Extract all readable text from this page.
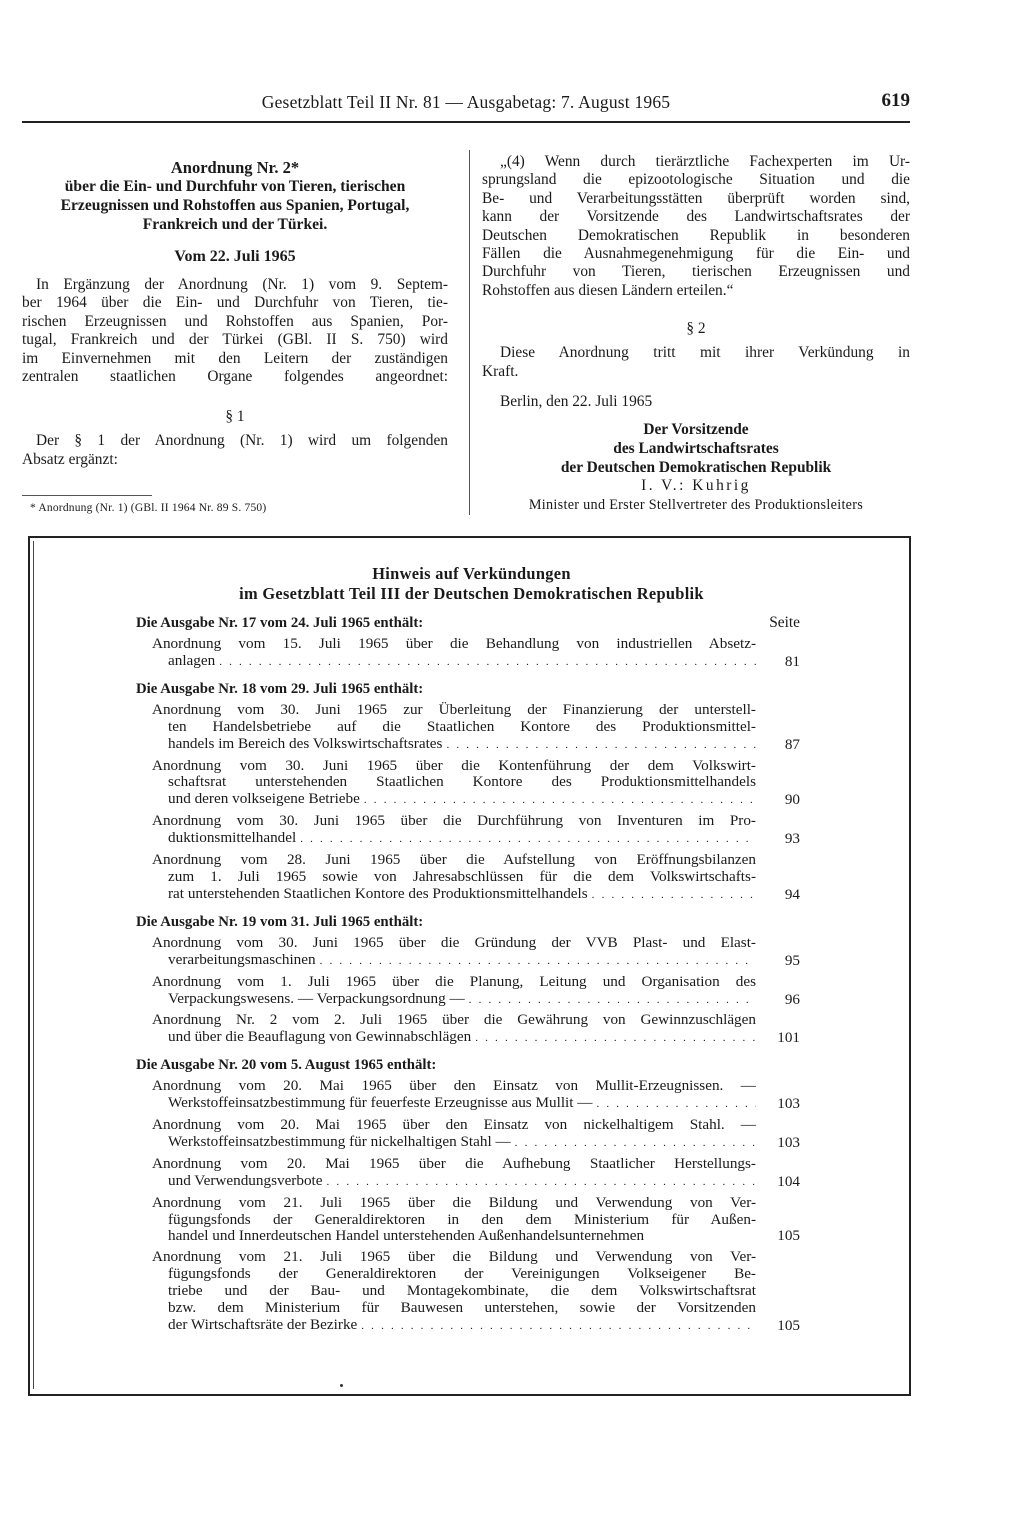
Gesetzblatt Teil II Nr. 81 — Ausgabetag: 7. August 1965	619
Anordnung Nr. 2*
über die Ein- und Durchfuhr von Tieren, tierischen
Erzeugnissen und Rohstoffen aus Spanien, Portugal,
Frankreich und der Türkei.
Vom 22. Juli 1965
In Ergänzung der Anordnung (Nr. 1) vom 9. Septem-
ber 1964 über die Ein- und Durchfuhr von Tieren, tie-
rischen Erzeugnissen und Rohstoffen aus Spanien, Por-
tugal, Frankreich und der Türkei (GBl. II S. 750) wird
im Einvernehmen mit den Leitern der zuständigen
zentralen staatlichen Organe folgendes angeordnet:
§ 1
Der § 1 der Anordnung (Nr. 1) wird um folgenden
Absatz ergänzt:
* Anordnung (Nr. 1) (GBl. II 1964 Nr. 89 S. 750)
„(4) Wenn durch tierärztliche Fachexperten im Ur-
sprungsland die epizootologische Situation und die
Be- und Verarbeitungsstätten überprüft worden sind,
kann der Vorsitzende des Landwirtschaftsrates der
Deutschen Demokratischen Republik in besonderen
Fällen die Ausnahmegenehmigung für die Ein- und
Durchfuhr von Tieren, tierischen Erzeugnissen und
Rohstoffen aus diesen Ländern erteilen.“
§ 2
Diese Anordnung tritt mit ihrer Verkündung in
Kraft.
Berlin, den 22. Juli 1965
Der Vorsitzende
des Landwirtschaftsrates
der Deutschen Demokratischen Republik
I. V.: Kuhrig
Minister und Erster Stellvertreter des Produktionsleiters
Hinweis auf Verkündungen
im Gesetzblatt Teil III der Deutschen Demokratischen Republik
Die Ausgabe Nr. 17 vom 24. Juli 1965 enthält:	Seite
Anordnung vom 15. Juli 1965 über die Behandlung von industriellen Absetz-
anlagen . . .	81
Die Ausgabe Nr. 18 vom 29. Juli 1965 enthält:
Anordnung vom 30. Juni 1965 zur Überleitung der Finanzierung der unterstell-
ten Handelsbetriebe auf die Staatlichen Kontore des Produktionsmittel-
handels im Bereich des Volkswirtschaftsrates . . .	87
Anordnung vom 30. Juni 1965 über die Kontenführung der dem Volkswirt-
schaftsrat unterstehenden Staatlichen Kontore des Produktionsmittelhandels
und deren volkseigene Betriebe . . .	90
Anordnung vom 30. Juni 1965 über die Durchführung von Inventuren im Pro-
duktionsmittelhandel . . .	93
Anordnung vom 28. Juni 1965 über die Aufstellung von Eröffnungsbilanzen
zum 1. Juli 1965 sowie von Jahresabschlüssen für die dem Volkswirtschafts-
rat unterstehenden Staatlichen Kontore des Produktionsmittelhandels . . .	94
Die Ausgabe Nr. 19 vom 31. Juli 1965 enthält:
Anordnung vom 30. Juni 1965 über die Gründung der VVB Plast- und Elast-
verarbeitungsmaschinen . . .	95
Anordnung vom 1. Juli 1965 über die Planung, Leitung und Organisation des
Verpackungswesens. — Verpackungsordnung — . . .	96
Anordnung Nr. 2 vom 2. Juli 1965 über die Gewährung von Gewinnzuschlägen
und über die Beauflagung von Gewinnabschlägen . . .	101
Die Ausgabe Nr. 20 vom 5. August 1965 enthält:
Anordnung vom 20. Mai 1965 über den Einsatz von Mullit-Erzeugnissen. —
Werkstoffeinsatzbestimmung für feuerfeste Erzeugnisse aus Mullit — . . .	103
Anordnung vom 20. Mai 1965 über den Einsatz von nickelhaltigem Stahl. —
Werkstoffeinsatzbestimmung für nickelhaltigen Stahl — . . .	103
Anordnung vom 20. Mai 1965 über die Aufhebung Staatlicher Herstellungs-
und Verwendungsverbote . . .	104
Anordnung vom 21. Juli 1965 über die Bildung und Verwendung von Ver-
fügungsfonds der Generaldirektoren in den dem Ministerium für Außen-
handel und Innerdeutschen Handel unterstehenden Außenhandelsunternehmen	105
Anordnung vom 21. Juli 1965 über die Bildung und Verwendung von Ver-
fügungsfonds der Generaldirektoren der Vereinigungen Volkseigener Be-
triebe und der Bau- und Montagekombinate, die dem Volkswirtschaftsrat
bzw. dem Ministerium für Bauwesen unterstehen, sowie der Vorsitzenden
der Wirtschaftsräte der Bezirke . . .	105
